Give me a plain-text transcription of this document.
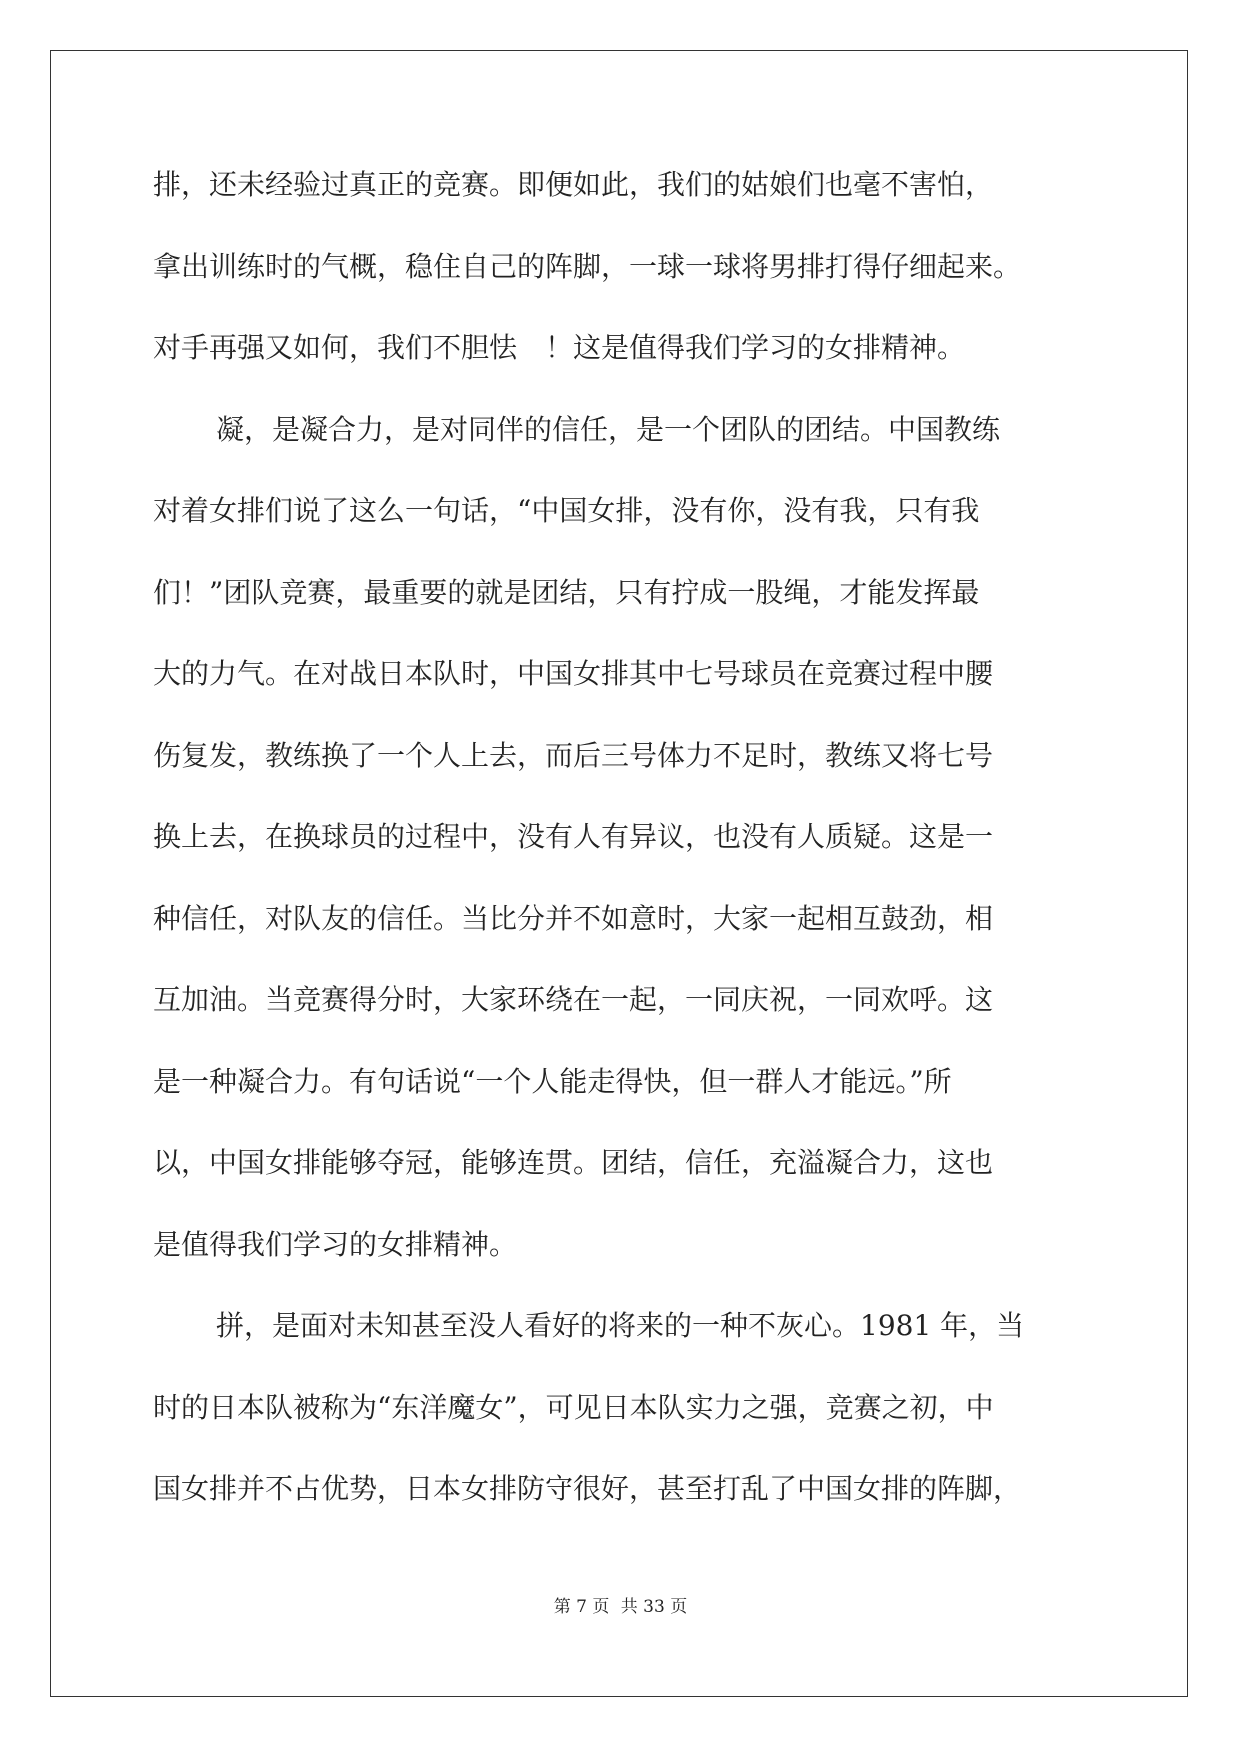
排，还未经验过真正的竞赛。即便如此，我们的姑娘们也毫不害怕，
拿出训练时的气概，稳住自己的阵脚，一球一球将男排打得仔细起来。
对手再强又如何，我们不胆怯　！这是值得我们学习的女排精神。
凝，是凝合力，是对同伴的信任，是一个团队的团结。中国教练
对着女排们说了这么一句话，“中国女排，没有你，没有我，只有我
们！”团队竞赛，最重要的就是团结，只有拧成一股绳，才能发挥最
大的力气。在对战日本队时，中国女排其中七号球员在竞赛过程中腰
伤复发，教练换了一个人上去，而后三号体力不足时，教练又将七号
换上去，在换球员的过程中，没有人有异议，也没有人质疑。这是一
种信任，对队友的信任。当比分并不如意时，大家一起相互鼓劲，相
互加油。当竞赛得分时，大家环绕在一起，一同庆祝，一同欢呼。这
是一种凝合力。有句话说“一个人能走得快，但一群人才能远。”所
以，中国女排能够夺冠，能够连贯。团结，信任，充溢凝合力，这也
是值得我们学习的女排精神。
拼，是面对未知甚至没人看好的将来的一种不灰心。1981 年，当
时的日本队被称为“东洋魔女”，可见日本队实力之强，竞赛之初，中
国女排并不占优势，日本女排防守很好，甚至打乱了中国女排的阵脚，
第 7 页 共 33 页
